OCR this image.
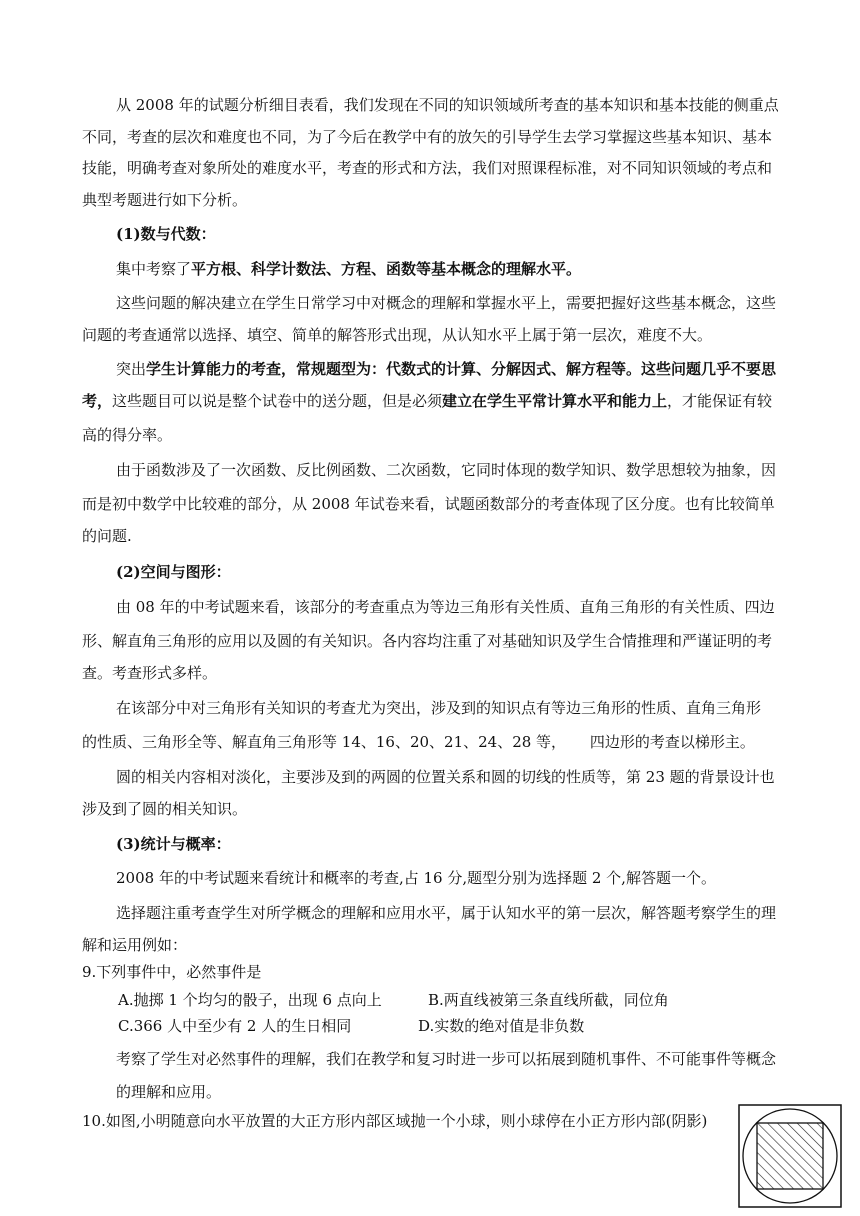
从 2008 年的试题分析细目表看，我们发现在不同的知识领域所考查的基本知识和基本技能的侧重点
不同，考查的层次和难度也不同，为了今后在教学中有的放矢的引导学生去学习掌握这些基本知识、基本
技能，明确考查对象所处的难度水平，考查的形式和方法，我们对照课程标准，对不同知识领域的考点和
典型考题进行如下分析。
(1)数与代数：
集中考察了平方根、科学计数法、方程、函数等基本概念的理解水平。
这些问题的解决建立在学生日常学习中对概念的理解和掌握水平上，需要把握好这些基本概念，这些
问题的考查通常以选择、填空、简单的解答形式出现，从认知水平上属于第一层次，难度不大。
突出学生计算能力的考查，常规题型为：代数式的计算、分解因式、解方程等。这些问题几乎不要思
考，这些题目可以说是整个试卷中的送分题，但是必须建立在学生平常计算水平和能力上，才能保证有较
高的得分率。
由于函数涉及了一次函数、反比例函数、二次函数，它同时体现的数学知识、数学思想较为抽象，因
而是初中数学中比较难的部分，从 2008 年试卷来看，试题函数部分的考查体现了区分度。也有比较简单
的问题.
(2)空间与图形：
由 08 年的中考试题来看，该部分的考查重点为等边三角形有关性质、直角三角形的有关性质、四边
形、解直角三角形的应用以及圆的有关知识。各内容均注重了对基础知识及学生合情推理和严谨证明的考
查。考查形式多样。
在该部分中对三角形有关知识的考查尤为突出，涉及到的知识点有等边三角形的性质、直角三角形
的性质、三角形全等、解直角三角形等 14、16、20、21、24、28 等，     四边形的考查以梯形主。
圆的相关内容相对淡化，主要涉及到的两圆的位置关系和圆的切线的性质等，第 23 题的背景设计也
涉及到了圆的相关知识。
(3)统计与概率：
2008 年的中考试题来看统计和概率的考查,占 16 分,题型分别为选择题 2 个,解答题一个。
选择题注重考查学生对所学概念的理解和应用水平，属于认知水平的第一层次，解答题考察学生的理
解和运用例如：
9.下列事件中，必然事件是
A.抛掷 1 个均匀的骰子，出现 6 点向上	B.两直线被第三条直线所截，同位角
C.366 人中至少有 2 人的生日相同	D.实数的绝对值是非负数
考察了学生对必然事件的理解，我们在教学和复习时进一步可以拓展到随机事件、不可能事件等概念
的理解和应用。
10.如图,小明随意向水平放置的大正方形内部区域抛一个小球，则小球停在小正方形内部(阴影)
